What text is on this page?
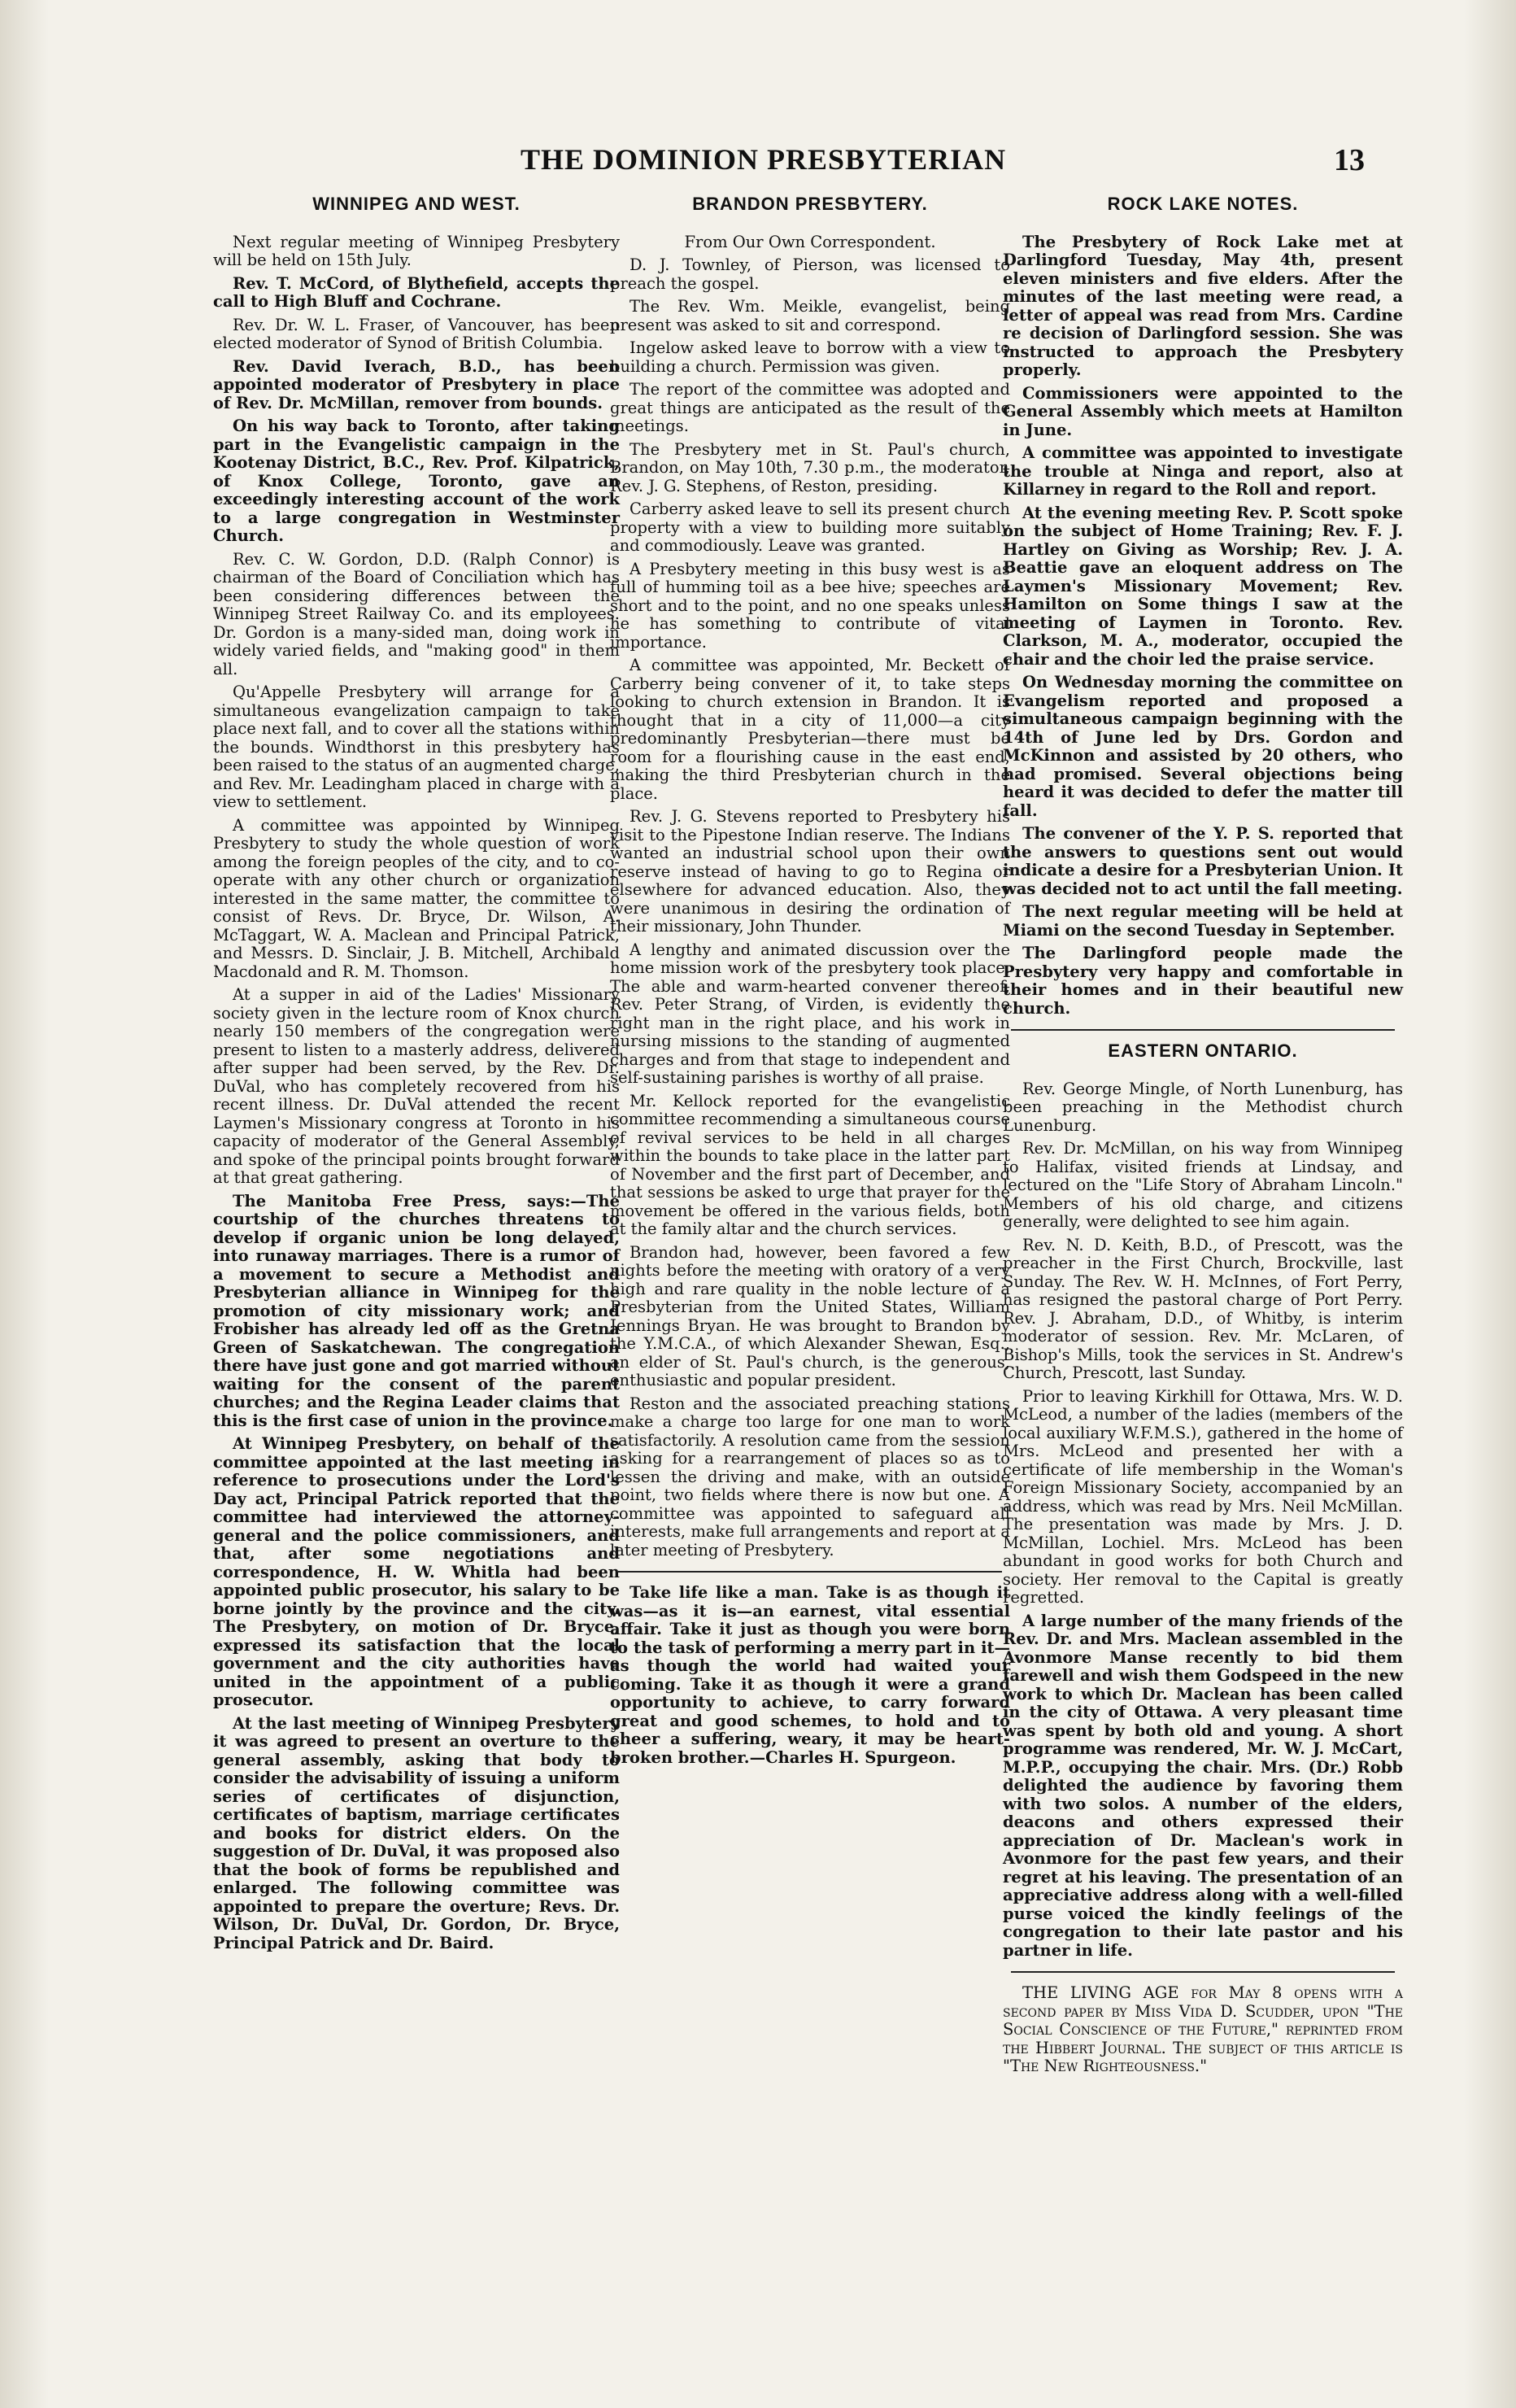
THE DOMINION PRESBYTERIAN	13
WINNIPEG AND WEST.

Next regular meeting of Winnipeg Presbytery will be held on 15th July.

Rev. T. McCord, of Blythefield, accepts the call to High Bluff and Cochrane.

Rev. Dr. W. L. Fraser, of Vancouver, has been elected moderator of Synod of British Columbia.

Rev. David Iverach, B.D., has been appointed moderator of Presbytery in place of Rev. Dr. McMillan, remover from bounds.

On his way back to Toronto, after taking part in the Evangelistic campaign in the Kootenay District, B.C., Rev. Prof. Kilpatrick, of Knox College, Toronto, gave an exceedingly interesting account of the work to a large congregation in Westminster Church.

Rev. C. W. Gordon, D.D. (Ralph Connor) is chairman of the Board of Conciliation which has been considering differences between the Winnipeg Street Railway Co. and its employees. Dr. Gordon is a many-sided man, doing work in widely varied fields, and "making good" in them all.

Qu'Appelle Presbytery will arrange for a simultaneous evangelization campaign to take place next fall, and to cover all the stations within the bounds. Windthorst in this presbytery has been raised to the status of an augmented charge, and Rev. Mr. Leadingham placed in charge with a view to settlement.

A committee was appointed by Winnipeg Presbytery to study the whole question of work among the foreign peoples of the city, and to co-operate with any other church or organization interested in the same matter, the committee to consist of Revs. Dr. Bryce, Dr. Wilson, A. McTaggart, W. A. Maclean and Principal Patrick, and Messrs. D. Sinclair, J. B. Mitchell, Archibald Macdonald and R. M. Thomson.

At a supper in aid of the Ladies' Missionary society given in the lecture room of Knox church nearly 150 members of the congregation were present to listen to a masterly address, delivered after supper had been served, by the Rev. Dr. DuVal, who has completely recovered from his recent illness. Dr. DuVal attended the recent Laymen's Missionary congress at Toronto in his capacity of moderator of the General Assembly, and spoke of the principal points brought forward at that great gathering.

The Manitoba Free Press, says:—The courtship of the churches threatens to develop if organic union be long delayed, into runaway marriages. There is a rumor of a movement to secure a Methodist and Presbyterian alliance in Winnipeg for the promotion of city missionary work; and Frobisher has already led off as the Gretna Green of Saskatchewan. The congregation there have just gone and got married without waiting for the consent of the parent churches; and the Regina Leader claims that this is the first case of union in the province.

At Winnipeg Presbytery, on behalf of the committee appointed at the last meeting in reference to prosecutions under the Lord's Day act, Principal Patrick reported that the committee had interviewed the attorney-general and the police commissioners, and that, after some negotiations and correspondence, H. W. Whitla had been appointed public prosecutor, his salary to be borne jointly by the province and the city. The Presbytery, on motion of Dr. Bryce, expressed its satisfaction that the local government and the city authorities have united in the appointment of a public prosecutor.

At the last meeting of Winnipeg Presbytery it was agreed to present an overture to the general assembly, asking that body to consider the advisability of issuing a uniform series of certificates of disjunction, certificates of baptism, marriage certificates and books for district elders. On the suggestion of Dr. DuVal, it was proposed also that the book of forms be republished and enlarged. The following committee was appointed to prepare the overture; Revs. Dr. Wilson, Dr. DuVal, Dr. Gordon, Dr. Bryce, Principal Patrick and Dr. Baird.

BRANDON PRESBYTERY.

From Our Own Correspondent.

D. J. Townley, of Pierson, was licensed to preach the gospel.

The Rev. Wm. Meikle, evangelist, being present was asked to sit and correspond.

Ingelow asked leave to borrow with a view to building a church. Permission was given.

The report of the committee was adopted and great things are anticipated as the result of the meetings.

The Presbytery met in St. Paul's church, Brandon, on May 10th, 7.30 p.m., the moderator, Rev. J. G. Stephens, of Reston, presiding.

Carberry asked leave to sell its present church property with a view to building more suitably and commodiously. Leave was granted.

A Presbytery meeting in this busy west is as full of humming toil as a bee hive; speeches are short and to the point, and no one speaks unless he has something to contribute of vital importance.

A committee was appointed, Mr. Beckett of Carberry being convener of it, to take steps looking to church extension in Brandon. It is thought that in a city of 11,000—a city predominantly Presbyterian—there must be room for a flourishing cause in the east end, making the third Presbyterian church in the place.

Rev. J. G. Stevens reported to Presbytery his visit to the Pipestone Indian reserve. The Indians wanted an industrial school upon their own reserve instead of having to go to Regina or elsewhere for advanced education. Also, they were unanimous in desiring the ordination of their missionary, John Thunder.

A lengthy and animated discussion over the home mission work of the presbytery took place. The able and warm-hearted convener thereof, Rev. Peter Strang, of Virden, is evidently the right man in the right place, and his work in nursing missions to the standing of augmented charges and from that stage to independent and self-sustaining parishes is worthy of all praise.

Mr. Kellock reported for the evangelistic committee recommending a simultaneous course of revival services to be held in all charges within the bounds to take place in the latter part of November and the first part of December, and that sessions be asked to urge that prayer for the movement be offered in the various fields, both at the family altar and the church services.

Brandon had, however, been favored a few nights before the meeting with oratory of a very high and rare quality in the noble lecture of a Presbyterian from the United States, William Jennings Bryan. He was brought to Brandon by the Y.M.C.A., of which Alexander Shewan, Esq., an elder of St. Paul's church, is the generous, enthusiastic and popular president.

Reston and the associated preaching stations make a charge too large for one man to work satisfactorily. A resolution came from the session asking for a rearrangement of places so as to lessen the driving and make, with an outside point, two fields where there is now but one. A committee was appointed to safeguard all interests, make full arrangements and report at a later meeting of Presbytery.

Take life like a man. Take is as though it was—as it is—an earnest, vital essential affair. Take it just as though you were born to the task of performing a merry part in it—as though the world had waited your coming. Take it as though it were a grand opportunity to achieve, to carry forward great and good schemes, to hold and to cheer a suffering, weary, it may be heart-broken brother.—Charles H. Spurgeon.

ROCK LAKE NOTES.

The Presbytery of Rock Lake met at Darlingford Tuesday, May 4th, present eleven ministers and five elders. After the minutes of the last meeting were read, a letter of appeal was read from Mrs. Cardine re decision of Darlingford session. She was instructed to approach the Presbytery properly.

Commissioners were appointed to the General Assembly which meets at Hamilton in June.

A committee was appointed to investigate the trouble at Ninga and report, also at Killarney in regard to the Roll and report.

At the evening meeting Rev. P. Scott spoke on the subject of Home Training; Rev. F. J. Hartley on Giving as Worship; Rev. J. A. Beattie gave an eloquent address on The Laymen's Missionary Movement; Rev. Hamilton on Some things I saw at the meeting of Laymen in Toronto. Rev. Clarkson, M. A., moderator, occupied the chair and the choir led the praise service.

On Wednesday morning the committee on Evangelism reported and proposed a simultaneous campaign beginning with the 14th of June led by Drs. Gordon and McKinnon and assisted by 20 others, who had promised. Several objections being heard it was decided to defer the matter till fall.

The convener of the Y. P. S. reported that the answers to questions sent out would indicate a desire for a Presbyterian Union. It was decided not to act until the fall meeting.

The next regular meeting will be held at Miami on the second Tuesday in September.

The Darlingford people made the Presbytery very happy and comfortable in their homes and in their beautiful new church.

EASTERN ONTARIO.

Rev. George Mingle, of North Lunenburg, has been preaching in the Methodist church Lunenburg.

Rev. Dr. McMillan, on his way from Winnipeg to Halifax, visited friends at Lindsay, and lectured on the "Life Story of Abraham Lincoln." Members of his old charge, and citizens generally, were delighted to see him again.

Rev. N. D. Keith, B.D., of Prescott, was the preacher in the First Church, Brockville, last Sunday. The Rev. W. H. McInnes, of Fort Perry, has resigned the pastoral charge of Port Perry. Rev. J. Abraham, D.D., of Whitby, is interim moderator of session. Rev. Mr. McLaren, of Bishop's Mills, took the services in St. Andrew's Church, Prescott, last Sunday.

Prior to leaving Kirkhill for Ottawa, Mrs. W. D. McLeod, a number of the ladies (members of the local auxiliary W.F.M.S.), gathered in the home of Mrs. McLeod and presented her with a certificate of life membership in the Woman's Foreign Missionary Society, accompanied by an address, which was read by Mrs. Neil McMillan. The presentation was made by Mrs. J. D. McMillan, Lochiel. Mrs. McLeod has been abundant in good works for both Church and society. Her removal to the Capital is greatly regretted.

A large number of the many friends of the Rev. Dr. and Mrs. Maclean assembled in the Avonmore Manse recently to bid them farewell and wish them Godspeed in the new work to which Dr. Maclean has been called in the city of Ottawa. A very pleasant time was spent by both old and young. A short programme was rendered, Mr. W. J. McCart, M.P.P., occupying the chair. Mrs. (Dr.) Robb delighted the audience by favoring them with two solos. A number of the elders, deacons and others expressed their appreciation of Dr. Maclean's work in Avonmore for the past few years, and their regret at his leaving. The presentation of an appreciative address along with a well-filled purse voiced the kindly feelings of the congregation to their late pastor and his partner in life.

THE LIVING AGE for May 8 opens with a second paper by Miss Vida D. Scudder, upon "The Social Conscience of the Future," reprinted from the Hibbert Journal. The subject of this article is "The New Righteousness."
